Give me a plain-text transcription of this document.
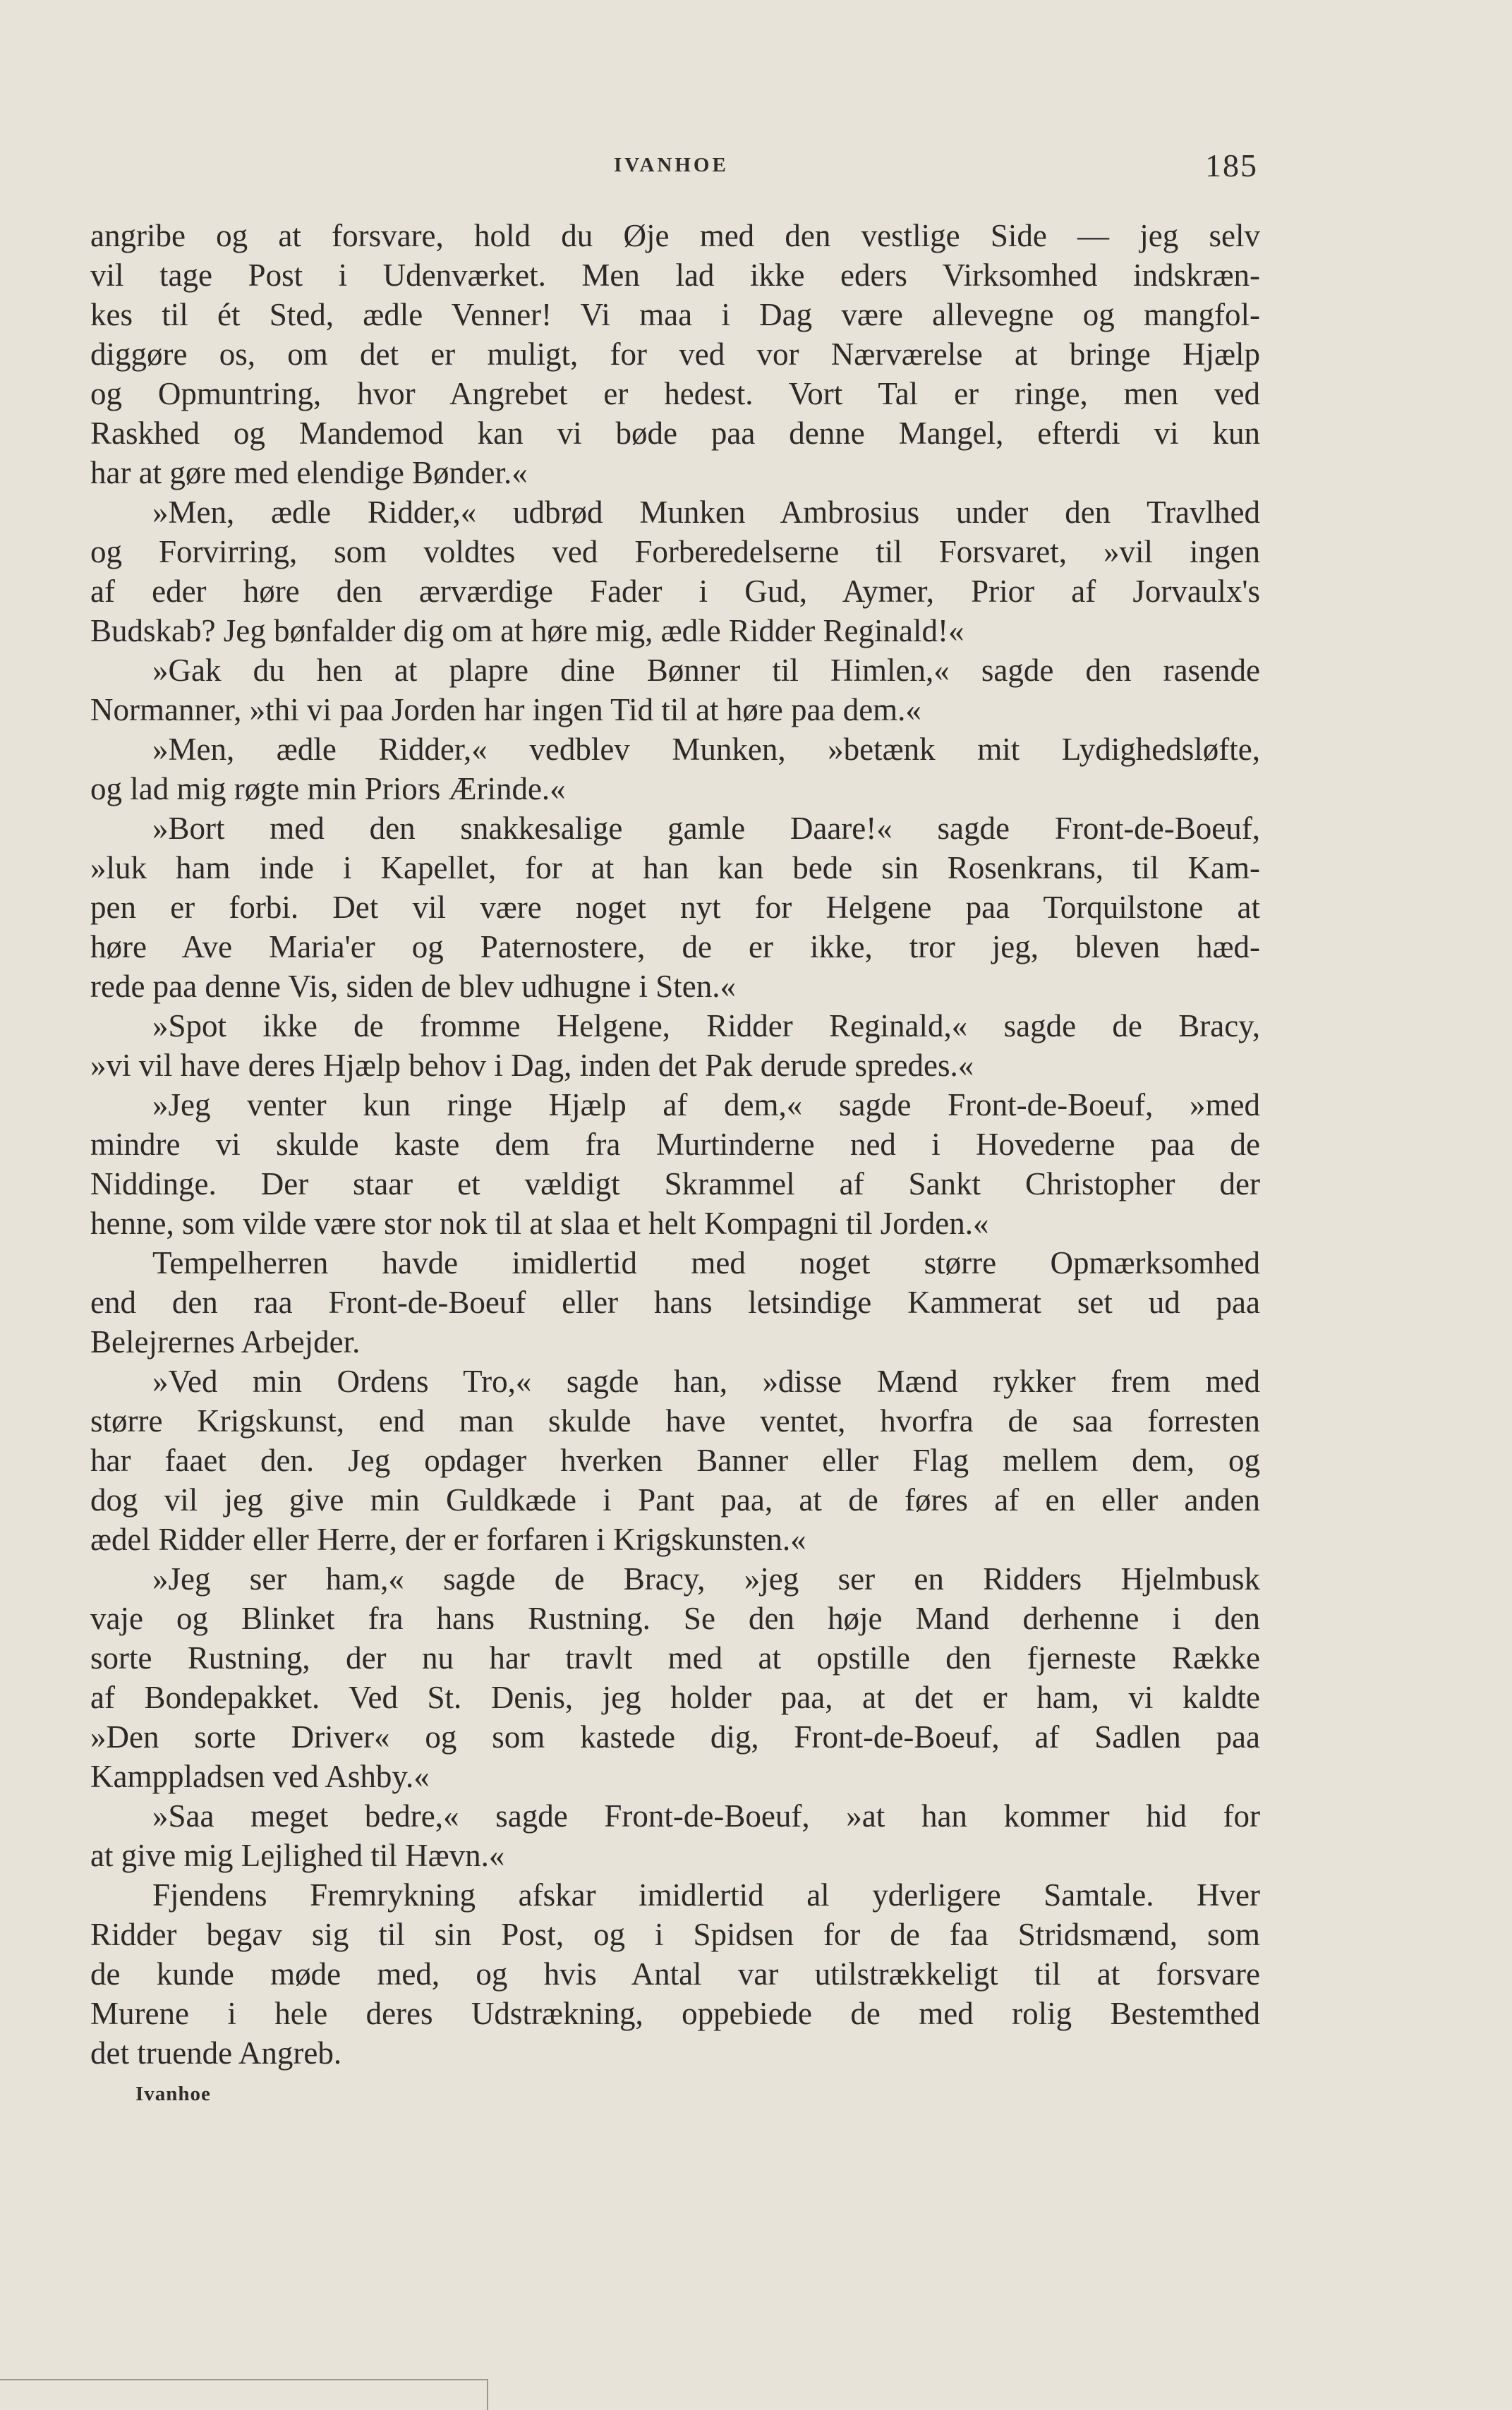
IVANHOE	185
angribe og at forsvare, hold du Øje med den vestlige Side — jeg selv
vil tage Post i Udenværket. Men lad ikke eders Virksomhed indskræn-
kes til ét Sted, ædle Venner! Vi maa i Dag være allevegne og mangfol-
diggøre os, om det er muligt, for ved vor Nærværelse at bringe Hjælp
og Opmuntring, hvor Angrebet er hedest. Vort Tal er ringe, men ved
Raskhed og Mandemod kan vi bøde paa denne Mangel, efterdi vi kun
har at gøre med elendige Bønder.«
»Men, ædle Ridder,« udbrød Munken Ambrosius under den Travlhed
og Forvirring, som voldtes ved Forberedelserne til Forsvaret, »vil ingen
af eder høre den ærværdige Fader i Gud, Aymer, Prior af Jorvaulx's
Budskab? Jeg bønfalder dig om at høre mig, ædle Ridder Reginald!«
»Gak du hen at plapre dine Bønner til Himlen,« sagde den rasende
Normanner, »thi vi paa Jorden har ingen Tid til at høre paa dem.«
»Men, ædle Ridder,« vedblev Munken, »betænk mit Lydighedsløfte,
og lad mig røgte min Priors Ærinde.«
»Bort med den snakkesalige gamle Daare!« sagde Front-de-Boeuf,
»luk ham inde i Kapellet, for at han kan bede sin Rosenkrans, til Kam-
pen er forbi. Det vil være noget nyt for Helgene paa Torquilstone at
høre Ave Maria'er og Paternostere, de er ikke, tror jeg, bleven hæd-
rede paa denne Vis, siden de blev udhugne i Sten.«
»Spot ikke de fromme Helgene, Ridder Reginald,« sagde de Bracy,
»vi vil have deres Hjælp behov i Dag, inden det Pak derude spredes.«
»Jeg venter kun ringe Hjælp af dem,« sagde Front-de-Boeuf, »med
mindre vi skulde kaste dem fra Murtinderne ned i Hovederne paa de
Niddinge. Der staar et vældigt Skrammel af Sankt Christopher der
henne, som vilde være stor nok til at slaa et helt Kompagni til Jorden.«
Tempelherren havde imidlertid med noget større Opmærksomhed
end den raa Front-de-Boeuf eller hans letsindige Kammerat set ud paa
Belejrernes Arbejder.
»Ved min Ordens Tro,« sagde han, »disse Mænd rykker frem med
større Krigskunst, end man skulde have ventet, hvorfra de saa forresten
har faaet den. Jeg opdager hverken Banner eller Flag mellem dem, og
dog vil jeg give min Guldkæde i Pant paa, at de føres af en eller anden
ædel Ridder eller Herre, der er forfaren i Krigskunsten.«
»Jeg ser ham,« sagde de Bracy, »jeg ser en Ridders Hjelmbusk
vaje og Blinket fra hans Rustning. Se den høje Mand derhenne i den
sorte Rustning, der nu har travlt med at opstille den fjerneste Række
af Bondepakket. Ved St. Denis, jeg holder paa, at det er ham, vi kaldte
»Den sorte Driver« og som kastede dig, Front-de-Boeuf, af Sadlen paa
Kamppladsen ved Ashby.«
»Saa meget bedre,« sagde Front-de-Boeuf, »at han kommer hid for
at give mig Lejlighed til Hævn.«
Fjendens Fremrykning afskar imidlertid al yderligere Samtale. Hver
Ridder begav sig til sin Post, og i Spidsen for de faa Stridsmænd, som
de kunde møde med, og hvis Antal var utilstrækkeligt til at forsvare
Murene i hele deres Udstrækning, oppebiede de med rolig Bestemthed
det truende Angreb.
Ivanhoe
